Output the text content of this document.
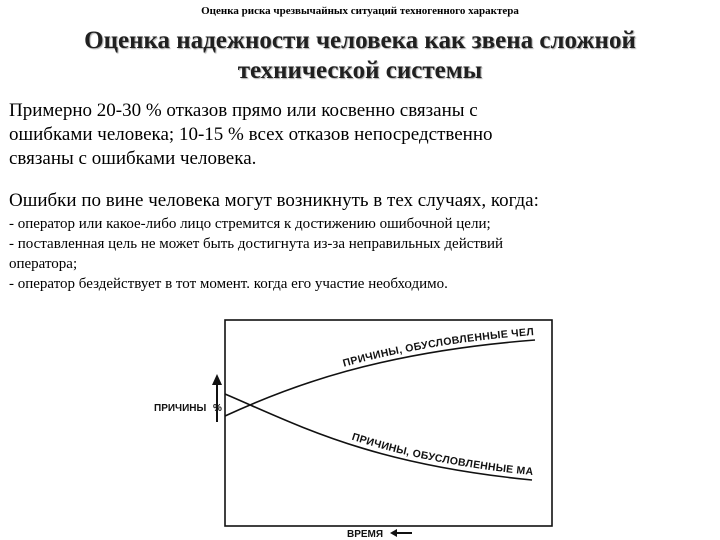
Оценка риска чрезвычайных ситуаций техногенного характера
Оценка надежности человека как звена сложной
технической системы
Примерно 20-30 % отказов прямо или косвенно связаны с
ошибками человека; 10-15 % всех отказов непосредственно
связаны с ошибками человека.
Ошибки по вине человека могут возникнуть в тех случаях, когда:
- оператор или какое-либо лицо стремится к достижению ошибочной цели;
- поставленная цель не может быть достигнута из-за неправильных действий
оператора;
- оператор бездействует в тот момент. когда его участие необходимо.
ПРИЧИНЫ %
ВРЕМЯ
ПРИЧИНЫ, ОБУСЛОВЛЕННЫЕ ЧЕЛ
ПРИЧИНЫ, ОБУСЛОВЛЕННЫЕ МА
